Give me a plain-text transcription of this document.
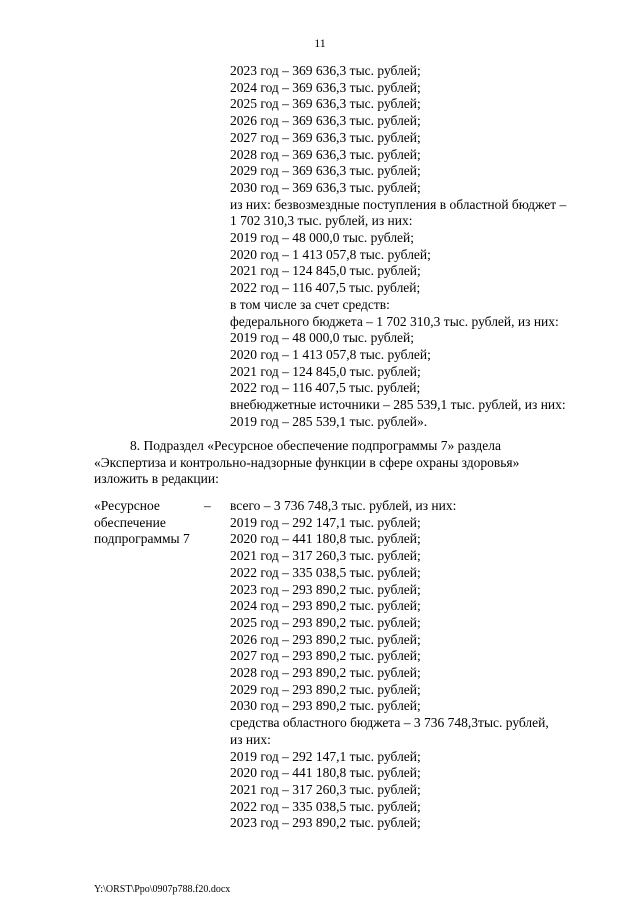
11
2023 год – 369 636,3 тыс. рублей;
2024 год – 369 636,3 тыс. рублей;
2025 год – 369 636,3 тыс. рублей;
2026 год – 369 636,3 тыс. рублей;
2027 год – 369 636,3 тыс. рублей;
2028 год – 369 636,3 тыс. рублей;
2029 год – 369 636,3 тыс. рублей;
2030 год – 369 636,3 тыс. рублей;
из них: безвозмездные поступления в областной бюджет –
1 702 310,3 тыс. рублей, из них:
2019 год – 48 000,0 тыс. рублей;
2020 год – 1 413 057,8 тыс. рублей;
2021 год – 124 845,0 тыс. рублей;
2022 год – 116 407,5 тыс. рублей;
в том числе за счет средств:
федерального бюджета – 1 702 310,3 тыс. рублей, из них:
2019 год – 48 000,0 тыс. рублей;
2020 год – 1 413 057,8 тыс. рублей;
2021 год – 124 845,0 тыс. рублей;
2022 год – 116 407,5 тыс. рублей;
внебюджетные источники – 285 539,1 тыс. рублей, из них:
2019 год – 285 539,1 тыс. рублей».
8. Подраздел «Ресурсное обеспечение подпрограммы 7» раздела
«Экспертиза и контрольно-надзорные функции в сфере охраны здоровья»
изложить в редакции:
«Ресурсное
обеспечение
подпрограммы 7
– всего – 3 736 748,3 тыс. рублей, из них:
2019 год – 292 147,1 тыс. рублей;
2020 год – 441 180,8 тыс. рублей;
2021 год – 317 260,3 тыс. рублей;
2022 год – 335 038,5 тыс. рублей;
2023 год – 293 890,2 тыс. рублей;
2024 год – 293 890,2 тыс. рублей;
2025 год – 293 890,2 тыс. рублей;
2026 год – 293 890,2 тыс. рублей;
2027 год – 293 890,2 тыс. рублей;
2028 год – 293 890,2 тыс. рублей;
2029 год – 293 890,2 тыс. рублей;
2030 год – 293 890,2 тыс. рублей;
средства областного бюджета – 3 736 748,3тыс. рублей,
из них:
2019 год – 292 147,1 тыс. рублей;
2020 год – 441 180,8 тыс. рублей;
2021 год – 317 260,3 тыс. рублей;
2022 год – 335 038,5 тыс. рублей;
2023 год – 293 890,2 тыс. рублей;
Y:\ORST\Ppo\0907p788.f20.docx
